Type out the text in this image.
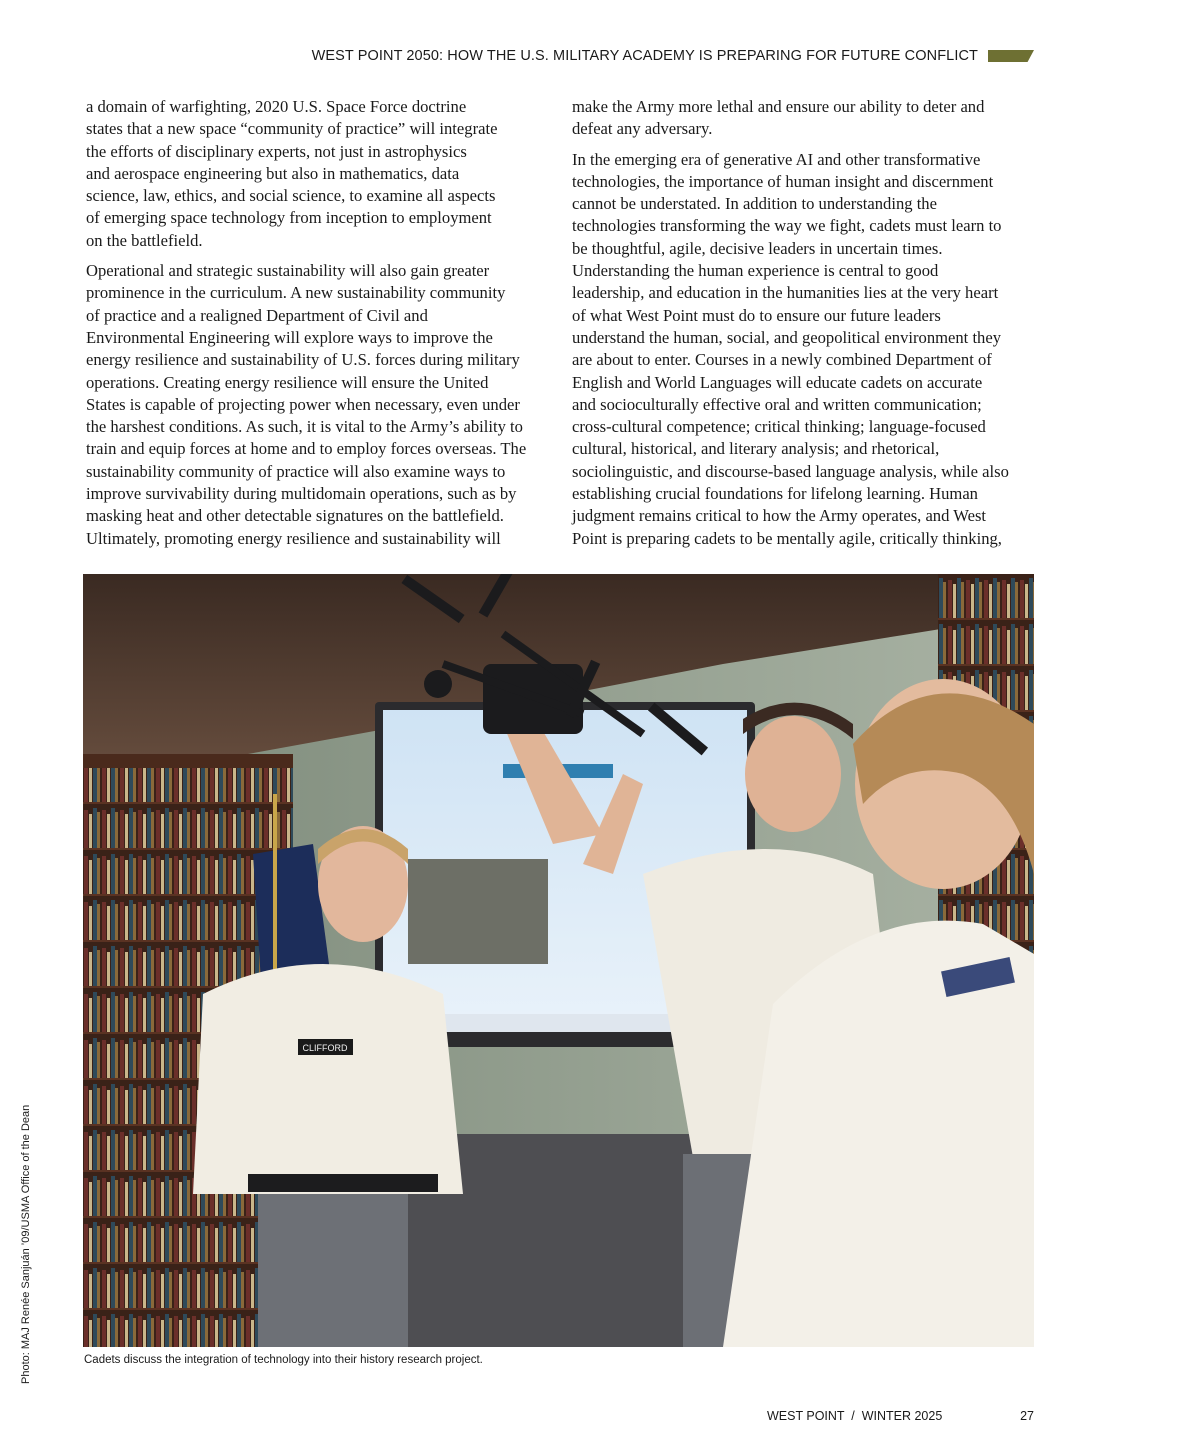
WEST POINT 2050: HOW THE U.S. MILITARY ACADEMY IS PREPARING FOR FUTURE CONFLICT

a domain of warfighting, 2020 U.S. Space Force doctrine
states that a new space “community of practice” will integrate
the efforts of disciplinary experts, not just in astrophysics
and aerospace engineering but also in mathematics, data
science, law, ethics, and social science, to examine all aspects
of emerging space technology from inception to employment
on the battlefield.

Operational and strategic sustainability will also gain greater
prominence in the curriculum. A new sustainability community
of practice and a realigned Department of Civil and
Environmental Engineering will explore ways to improve the
energy resilience and sustainability of U.S. forces during military
operations. Creating energy resilience will ensure the United
States is capable of projecting power when necessary, even under
the harshest conditions. As such, it is vital to the Army’s ability to
train and equip forces at home and to employ forces overseas. The
sustainability community of practice will also examine ways to
improve survivability during multidomain operations, such as by
masking heat and other detectable signatures on the battlefield.
Ultimately, promoting energy resilience and sustainability will

make the Army more lethal and ensure our ability to deter and
defeat any adversary.

In the emerging era of generative AI and other transformative
technologies, the importance of human insight and discernment
cannot be understated. In addition to understanding the
technologies transforming the way we fight, cadets must learn to
be thoughtful, agile, decisive leaders in uncertain times.
Understanding the human experience is central to good
leadership, and education in the humanities lies at the very heart
of what West Point must do to ensure our future leaders
understand the human, social, and geopolitical environment they
are about to enter. Courses in a newly combined Department of
English and World Languages will educate cadets on accurate
and socioculturally effective oral and written communication;
cross-cultural competence; critical thinking; language-focused
cultural, historical, and literary analysis; and rhetorical,
sociolinguistic, and discourse-based language analysis, while also
establishing crucial foundations for lifelong learning. Human
judgment remains critical to how the Army operates, and West
Point is preparing cadets to be mentally agile, critically thinking,

CLIFFORD
Cadets discuss the integration of technology into their history research project.
Photo: MAJ Renée Sanjuán ’09/USMA Office of the Dean
WEST POINT  /  WINTER 2025	27
